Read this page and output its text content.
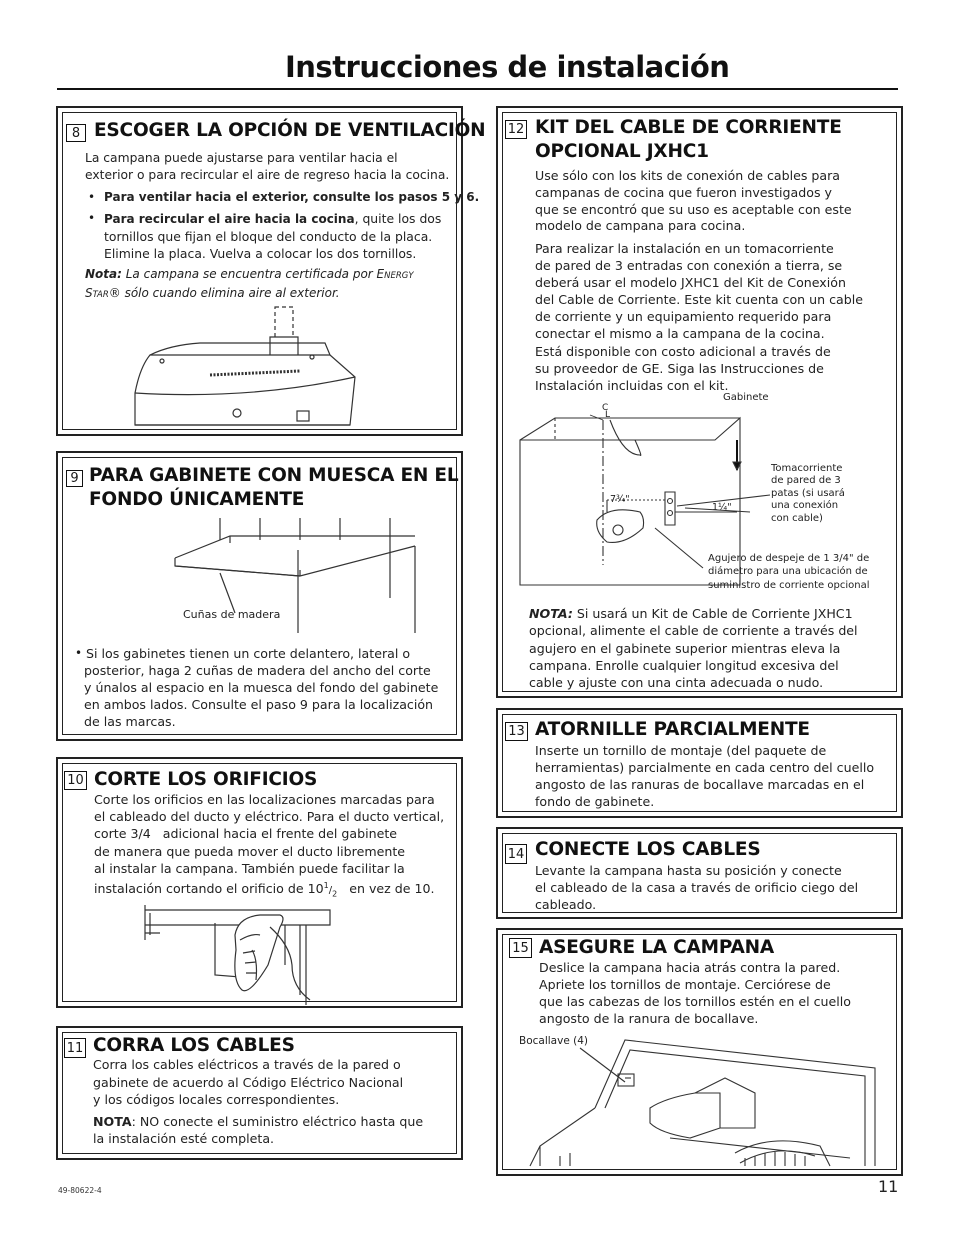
Instrucciones de instalación
8 ESCOGER LA OPCIÓN DE VENTILACIÓN
La campana puede ajustarse para ventilar hacia el
exterior o para recircular el aire de regreso hacia la cocina.
• Para ventilar hacia el exterior, consulte los pasos 5 y 6.
• Para recircular el aire hacia la cocina, quite los dos
tornillos que fijan el bloque del conducto de la placa.
Elimine la placa. Vuelva a colocar los dos tornillos.
Nota: La campana se encuentra certificada por ENERGY
STAR® sólo cuando elimina aire al exterior.
9 PARA GABINETE CON MUESCA EN EL
FONDO ÚNICAMENTE
Cuñas de madera
• Si los gabinetes tienen un corte delantero, lateral o
posterior, haga 2 cuñas de madera del ancho del corte
y únalos al espacio en la muesca del fondo del gabinete
en ambos lados. Consulte el paso 9 para la localización
de las marcas.
10 CORTE LOS ORIFICIOS
Corte los orificios en las localizaciones marcadas para
el cableado del ducto y eléctrico. Para el ducto vertical,
corte 3/4   adicional hacia el frente del gabinete
de manera que pueda mover el ducto libremente
al instalar la campana. También puede facilitar la
instalación cortando el orificio de $10^1/_2$   en vez de 10.
11 CORRA LOS CABLES
Corra los cables eléctricos a través de la pared o
gabinete de acuerdo al Código Eléctrico Nacional
y los códigos locales correspondientes.
NOTA: NO conecte el suministro eléctrico hasta que
la instalación esté completa.
12 KIT DEL CABLE DE CORRIENTE
OPCIONAL JXHC1
Use sólo con los kits de conexión de cables para
campanas de cocina que fueron investigados y
que se encontró que su uso es aceptable con este
modelo de campana para cocina.
Para realizar la instalación en un tomacorriente
de pared de 3 entradas con conexión a tierra, se
deberá usar el modelo JXHC1 del Kit de Conexión
del Cable de Corriente. Este kit cuenta con un cable
de corriente y un equipamiento requerido para
conectar el mismo a la campana de la cocina.
Está disponible con costo adicional a través de
su proveedor de GE. Siga las Instrucciones de
Instalación incluidas con el kit.
Gabinete
C
L
Tomacorriente
de pared de 3
patas (si usará
una conexión
con cable)
7¾"
1¼"
Agujero de despeje de 1 3/4" de
diámetro para una ubicación de
suministro de corriente opcional
NOTA: Si usará un Kit de Cable de Corriente JXHC1
opcional, alimente el cable de corriente a través del
agujero en el gabinete superior mientras eleva la
campana. Enrolle cualquier longitud excesiva del
cable y ajuste con una cinta adecuada o nudo.
13 ATORNILLE PARCIALMENTE
Inserte un tornillo de montaje (del paquete de
herramientas) parcialmente en cada centro del cuello
angosto de las ranuras de bocallave marcadas en el
fondo de gabinete.
14 CONECTE LOS CABLES
Levante la campana hasta su posición y conecte
el cableado de la casa a través de orificio ciego del
cableado.
15 ASEGURE LA CAMPANA
Deslice la campana hacia atrás contra la pared.
Apriete los tornillos de montaje. Cerciórese de
que las cabezas de los tornillos estén en el cuello
angosto de la ranura de bocallave.
Bocallave (4)
49-80622-4	11
